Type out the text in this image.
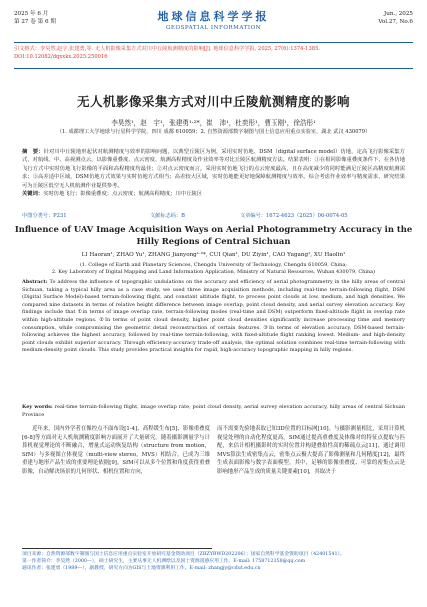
2025 年 6 月
第 27 卷 第 6 期	地球信息科学学报
GEOSPATIAL INFORMATION
Jun., 2025
Vol.27, No.6
引文格式：李昊然,赵宇,张建勇,等. 无人机影像采集方式对川中丘陵航测精度的影响[J]. 地球信息科学学报, 2025, 27(6):1374-1385. DOI:10.12082/dqxxkx.2025.250016
无人机影像采集方式对川中丘陵航测精度的影响
李昊然¹，赵　宇¹，张建勇¹·²*，崔　沛¹，杜奕彤¹，曹玉刚¹，徐浩彤¹
（1. 成都理工大学地球与行星科学学院，四川 成都 610059；2. 自然资源部数字制图与国土信息应用重点实验室，湖北 武汉 430079）
摘　要：针对川中丘陵地形起伏对航测精度与效率的影响问题，以典型丘陵区为例，采用实时仿地、DSM（digital surface model）仿地、定高飞行影像采集方式，对航线、中、高视测点云，以影像重叠度、点云密度、航测高程精度及作业效率等对比丘陵区航测精度方法。结果表明：①在相同影像重叠度条件下，在各仿地飞行方式中实时仿地飞行影像的平面和高程精度均最佳；②对点云密度而言，采用实时仿地飞行的点云密度最高，且在高度减少的同时能满足丘陵区高精度航测需求；③高差适中区域，DSM仿地方式效果与实时仿地方式相当；高差较大区域，实时仿地能更好地保障航测精度与效率。综合考虑作业效率与精度需求，研究结果可为丘陵区低空无人机航测作业提供参考。
关键词：实时仿地飞行；影像重叠度；点云密度；航测高程精度；川中丘陵区
中图分类号：P231	文献标志码：B	文章编号：1672-4623（2025）06-0074-05
Influence of UAV Image Acquisition Ways on Aerial Photogrammetry Accuracy in the Hilly Regions of Central Sichuan
LI Haoran¹, ZHAO Yu¹, ZHANG Jianyong¹·²*, CUI Qian¹, DU Ziyin¹, CAO Yugang¹, XU Haolin¹
(1. College of Earth and Planetary Sciences, Chengdu University of Technology, Chengdu 610059, China;
2. Key Laboratory of Digital Mapping and Land Information Application, Ministry of Natural Resources, Wuhan 430079, China)
Abstract: To address the influence of topographic undulations on the accuracy and efficiency of aerial photogrammetry in the hilly areas of central Sichuan, taking a typical hilly area as a case study, we used three image acquisition methods, including real-time terrain-following flight, DSM (Digital Surface Model)-based terrain-following flight, and constant altitude flight, to process point clouds at low, medium, and high densities. We compared nine datasets in terms of relative height difference between image overlap, point cloud density, and aerial survey elevation accuracy. Key findings include that ①in terms of image overlap rate, terrain-following modes (real-time and DSM) outperform fixed-altitude flight in overlap rate within high-altitude regions. ②In terms of point cloud density, higher point cloud densities significantly increase processing time and memory consumption, while compromising the geometric detail reconstruction of certain features. ③In terms of elevation accuracy, DSM-based terrain-following achieves the highest accuracy, followed by real-time terrain-following, with fixed-altitude flight ranking lowest. Medium- and high-density point clouds exhibit superior accuracy. Through efficiency-accuracy trade-off analysis, the optimal solution combines real-time terrain-following with medium-density point clouds. This study provides practical insights for rapid, high-accuracy topographic mapping in hilly regions.
Key words: real-time terrain-following flight, image overlap rate, point cloud density, aerial survey elevation accuracy, hilly areas of central Sichuan Province
近年来，国内外学者在像控点不面布设[1-4]、高程缓生布[5]、影像重叠度[6-8]等方面对无人机航测精度影响方面展开了大量研究。随着摄影测量学与计算机视觉理论的不断融合，增量式运动恢复结构（structure from motion，SfM）与多视图立体视觉（multi-view stereo，MVS）相结合，已成为三维重建与地形产品生成的重要理论依据[9]。SfM可以从多个位置和角度获得重叠影像，自动解决场景的几何形状、相机位置和方向，
而不需要先验地表取已知3D位置的目标网[10]。与摄影测量相比，采用计算机视觉处理的自动化程度更高。SfM通过提高重叠度及体像对的特征点提取与匹配，来估计相机摄影时的实时位置并构建叠拍性高的稀疏点云[11]，通过调用MVS算法生成密集点云，密集点云极大提高了影像测量和几何精度[12]，最终生成表面影像与数字表面模型。其中，足够的影像重叠度、可靠的密集点云是影响地形产品生成的质量关键要素[10]，其取决于
项目来源：自然资源部数字制图与国土信息应用重点实验室开放研究基金资助项目（ZRZYBWD202206）；国家自然科学基金资助项目（42401541）。
第一作者简介：李昊然（2000—），硕士研究生，主要从事无人机测绘以及国土资源遥感应用工作。E-mail: 1758712358@qq.com
通讯作者：张建勇（1989—），副教授，研究方向为GIS与土地资源利用工作。E-mail: zhangjy@cdut.edu.cn
